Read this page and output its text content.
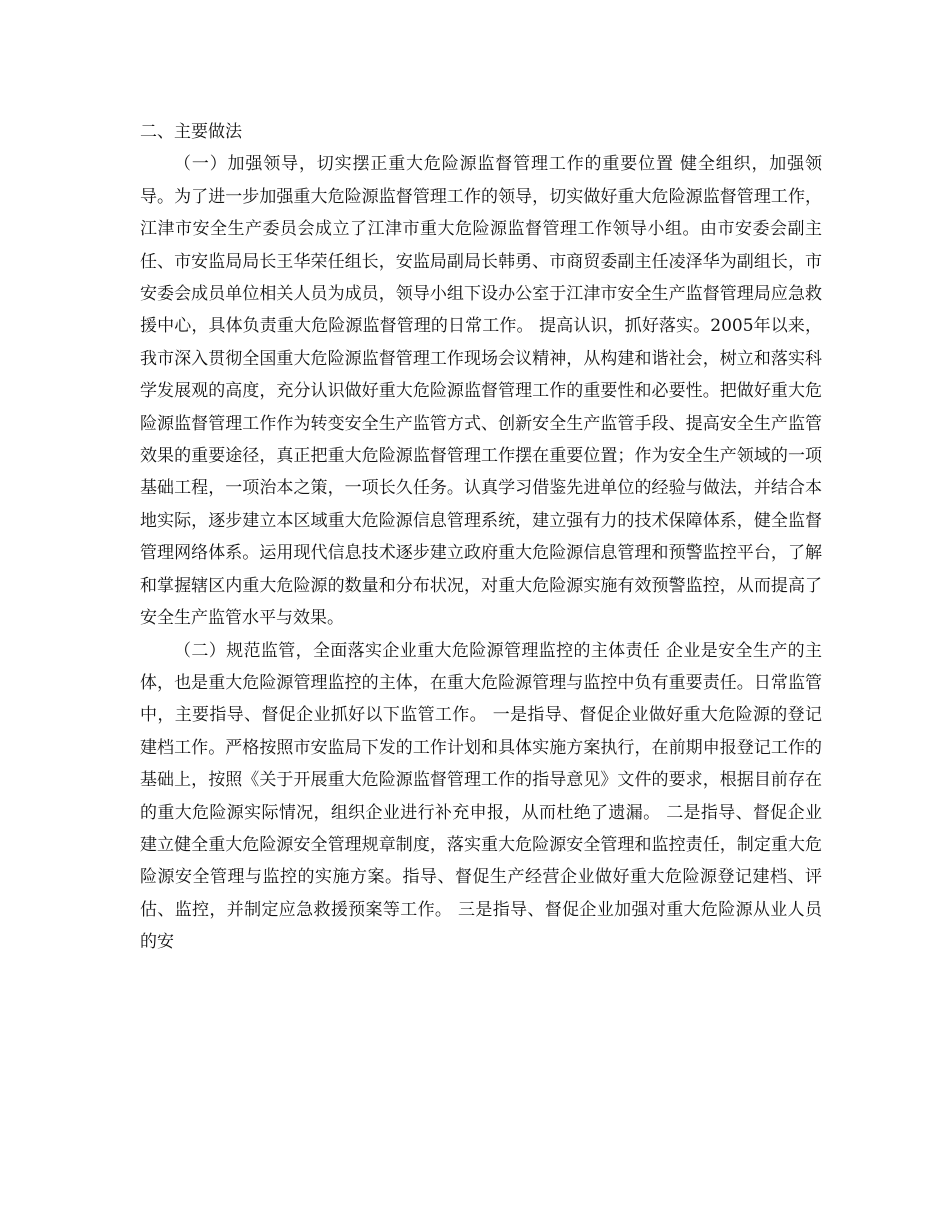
二、主要做法

（一）加强领导，切实摆正重大危险源监督管理工作的重要位置 健全组织，加强领导。为了进一步加强重大危险源监督管理工作的领导，切实做好重大危险源监督管理工作，江津市安全生产委员会成立了江津市重大危险源监督管理工作领导小组。由市安委会副主任、市安监局局长王华荣任组长，安监局副局长韩勇、市商贸委副主任凌泽华为副组长，市安委会成员单位相关人员为成员，领导小组下设办公室于江津市安全生产监督管理局应急救援中心，具体负责重大危险源监督管理的日常工作。 提高认识，抓好落实。2005年以来，我市深入贯彻全国重大危险源监督管理工作现场会议精神，从构建和谐社会，树立和落实科学发展观的高度，充分认识做好重大危险源监督管理工作的重要性和必要性。把做好重大危险源监督管理工作作为转变安全生产监管方式、创新安全生产监管手段、提高安全生产监管效果的重要途径，真正把重大危险源监督管理工作摆在重要位置；作为安全生产领域的一项基础工程，一项治本之策，一项长久任务。认真学习借鉴先进单位的经验与做法，并结合本地实际，逐步建立本区域重大危险源信息管理系统，建立强有力的技术保障体系，健全监督管理网络体系。运用现代信息技术逐步建立政府重大危险源信息管理和预警监控平台，了解和掌握辖区内重大危险源的数量和分布状况，对重大危险源实施有效预警监控，从而提高了安全生产监管水平与效果。

（二）规范监管，全面落实企业重大危险源管理监控的主体责任 企业是安全生产的主体，也是重大危险源管理监控的主体，在重大危险源管理与监控中负有重要责任。日常监管中，主要指导、督促企业抓好以下监管工作。 一是指导、督促企业做好重大危险源的登记建档工作。严格按照市安监局下发的工作计划和具体实施方案执行，在前期申报登记工作的基础上，按照《关于开展重大危险源监督管理工作的指导意见》文件的要求，根据目前存在的重大危险源实际情况，组织企业进行补充申报，从而杜绝了遗漏。 二是指导、督促企业建立健全重大危险源安全管理规章制度，落实重大危险源安全管理和监控责任，制定重大危险源安全管理与监控的实施方案。指导、督促生产经营企业做好重大危险源登记建档、评估、监控，并制定应急救援预案等工作。 三是指导、督促企业加强对重大危险源从业人员的安
